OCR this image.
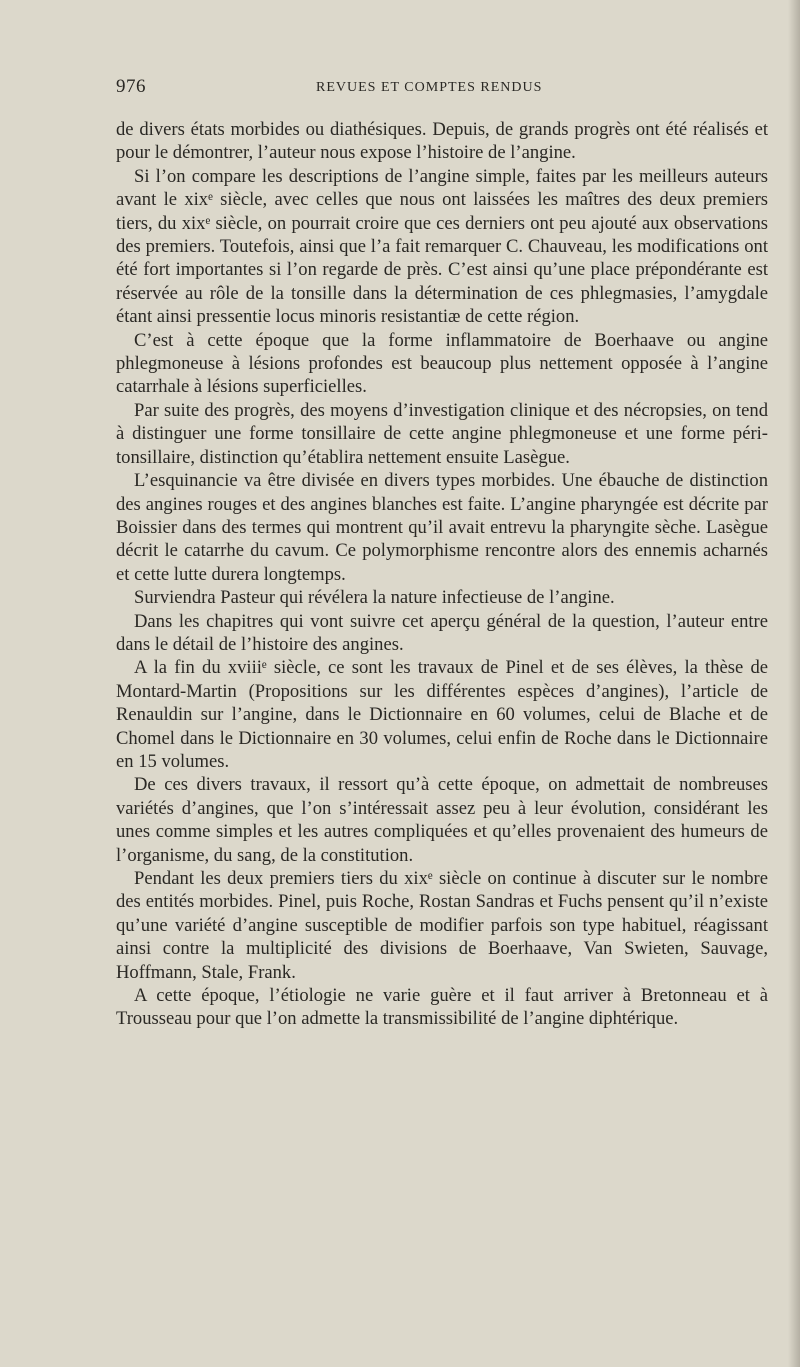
976	REVUES ET COMPTES RENDUS

de divers états morbides ou diathésiques. Depuis, de grands progrès ont été réalisés et pour le démontrer, l’auteur nous expose l’histoire de l’angine.

Si l’on compare les descriptions de l’angine simple, faites par les meilleurs auteurs avant le xixᵉ siècle, avec celles que nous ont laissées les maîtres des deux premiers tiers, du xixᵉ siècle, on pourrait croire que ces derniers ont peu ajouté aux observations des premiers. Toutefois, ainsi que l’a fait remarquer C. Chauveau, les modifications ont été fort importantes si l’on regarde de près. C’est ainsi qu’une place prépondérante est réservée au rôle de la tonsille dans la détermination de ces phlegmasies, l’amygdale étant ainsi pressentie locus minoris resistantiæ de cette région.

C’est à cette époque que la forme inflammatoire de Boerhaave ou angine phlegmoneuse à lésions profondes est beaucoup plus nettement opposée à l’angine catarrhale à lésions superficielles.

Par suite des progrès, des moyens d’investigation clinique et des nécropsies, on tend à distinguer une forme tonsillaire de cette angine phlegmoneuse et une forme péri-tonsillaire, distinction qu’établira nettement ensuite Lasègue.

L’esquinancie va être divisée en divers types morbides. Une ébauche de distinction des angines rouges et des angines blanches est faite. L’angine pharyngée est décrite par Boissier dans des termes qui montrent qu’il avait entrevu la pharyngite sèche. Lasègue décrit le catarrhe du cavum. Ce polymorphisme rencontre alors des ennemis acharnés et cette lutte durera longtemps.

Surviendra Pasteur qui révélera la nature infectieuse de l’angine.

Dans les chapitres qui vont suivre cet aperçu général de la question, l’auteur entre dans le détail de l’histoire des angines.

A la fin du xviiiᵉ siècle, ce sont les travaux de Pinel et de ses élèves, la thèse de Montard-Martin (Propositions sur les différentes espèces d’angines), l’article de Renauldin sur l’angine, dans le Dictionnaire en 60 volumes, celui de Blache et de Chomel dans le Dictionnaire en 30 volumes, celui enfin de Roche dans le Dictionnaire en 15 volumes.

De ces divers travaux, il ressort qu’à cette époque, on admettait de nombreuses variétés d’angines, que l’on s’intéressait assez peu à leur évolution, considérant les unes comme simples et les autres compliquées et qu’elles provenaient des humeurs de l’organisme, du sang, de la constitution.

Pendant les deux premiers tiers du xixᵉ siècle on continue à discuter sur le nombre des entités morbides. Pinel, puis Roche, Rostan Sandras et Fuchs pensent qu’il n’existe qu’une variété d’angine susceptible de modifier parfois son type habituel, réagissant ainsi contre la multiplicité des divisions de Boerhaave, Van Swieten, Sauvage, Hoffmann, Stale, Frank.

A cette époque, l’étiologie ne varie guère et il faut arriver à Bretonneau et à Trousseau pour que l’on admette la transmissibilité de l’angine diphtérique.
